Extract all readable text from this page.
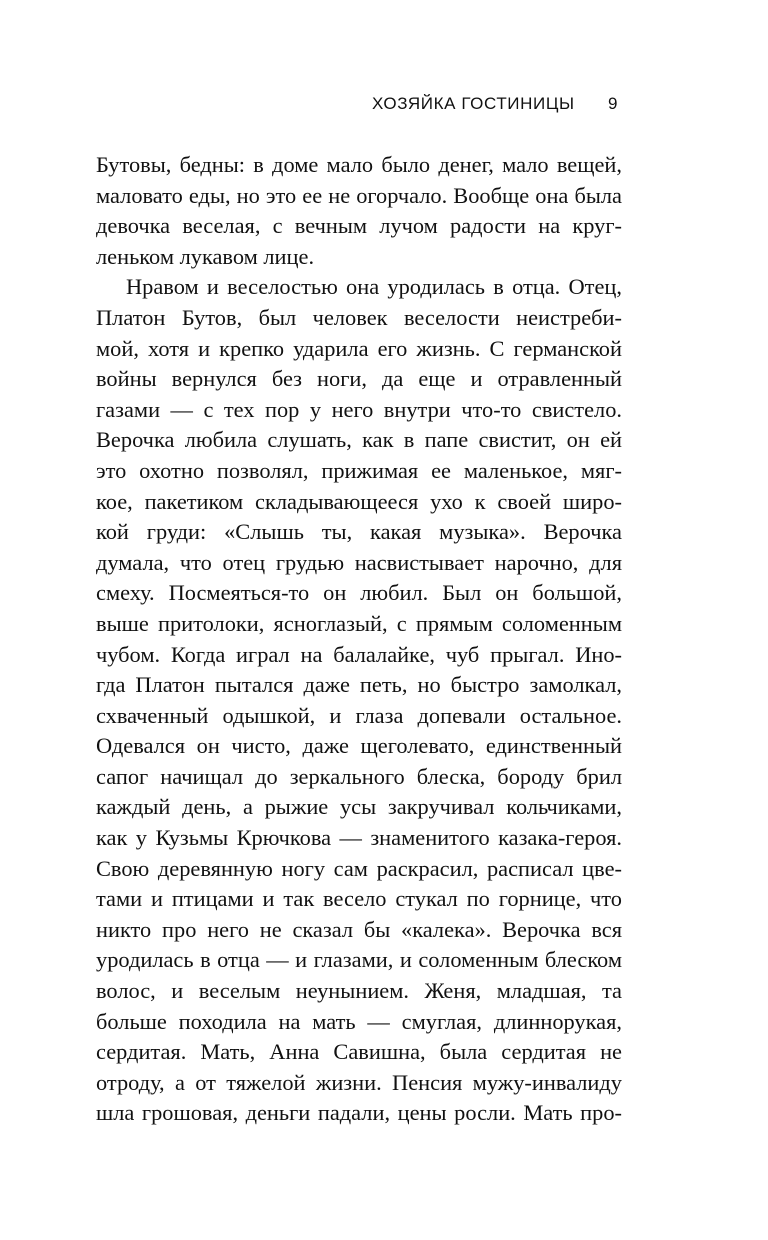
ХОЗЯЙКА ГОСТИНИЦЫ 9
Бутовы, бедны: в доме мало было денег, мало вещей,
маловато еды, но это ее не огорчало. Вообще она была
девочка веселая, с вечным лучом радости на круг-
леньком лукавом лице.
Нравом и веселостью она уродилась в отца. Отец,
Платон Бутов, был человек веселости неистреби-
мой, хотя и крепко ударила его жизнь. С германской
войны вернулся без ноги, да еще и отравленный
газами — с тех пор у него внутри что-то свистело.
Верочка любила слушать, как в папе свистит, он ей
это охотно позволял, прижимая ее маленькое, мяг-
кое, пакетиком складывающееся ухо к своей широ-
кой груди: «Слышь ты, какая музыка». Верочка
думала, что отец грудью насвистывает нарочно, для
смеху. Посмеяться-то он любил. Был он большой,
выше притолоки, ясноглазый, с прямым соломенным
чубом. Когда играл на балалайке, чуб прыгал. Ино-
гда Платон пытался даже петь, но быстро замолкал,
схваченный одышкой, и глаза допевали остальное.
Одевался он чисто, даже щеголевато, единственный
сапог начищал до зеркального блеска, бороду брил
каждый день, а рыжие усы закручивал кольчиками,
как у Кузьмы Крючкова — знаменитого казака-героя.
Свою деревянную ногу сам раскрасил, расписал цве-
тами и птицами и так весело стукал по горнице, что
никто про него не сказал бы «калека». Верочка вся
уродилась в отца — и глазами, и соломенным блеском
волос, и веселым неунынием. Женя, младшая, та
больше походила на мать — смуглая, длиннорукая,
сердитая. Мать, Анна Савишна, была сердитая не
отроду, а от тяжелой жизни. Пенсия мужу-инвалиду
шла грошовая, деньги падали, цены росли. Мать про-
